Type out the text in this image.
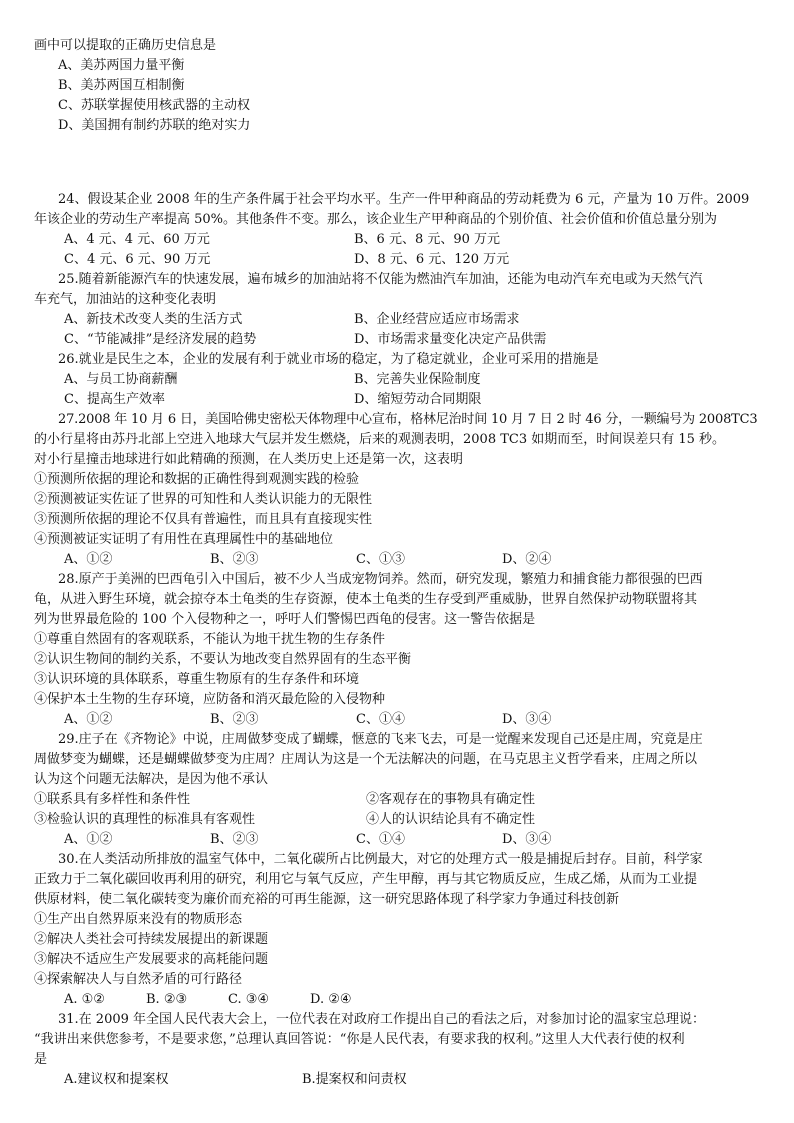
画中可以提取的正确历史信息是
A、美苏两国力量平衡
B、美苏两国互相制衡
C、苏联掌握使用核武器的主动权
D、美国拥有制约苏联的绝对实力
24、假设某企业 2008 年的生产条件属于社会平均水平。生产一件甲种商品的劳动耗费为 6 元，产量为 10 万件。2009
年该企业的劳动生产率提高 50%。其他条件不变。那么，该企业生产甲种商品的个别价值、社会价值和价值总量分别为
A、4 元、4 元、60 万元	B、6 元、8 元、90 万元
C、4 元、6 元、90 万元	D、8 元、6 元、120 万元
25.随着新能源汽车的快速发展，遍布城乡的加油站将不仅能为燃油汽车加油，还能为电动汽车充电或为天然气汽
车充气，加油站的这种变化表明
A、新技术改变人类的生活方式	B、企业经营应适应市场需求
C、“节能减排”是经济发展的趋势	D、市场需求量变化决定产品供需
26.就业是民生之本，企业的发展有利于就业市场的稳定，为了稳定就业，企业可采用的措施是
A、与员工协商薪酬	B、完善失业保险制度
C、提高生产效率	D、缩短劳动合同期限
27.2008 年 10 月 6 日，美国哈佛史密松天体物理中心宣布，格林尼治时间 10 月 7 日 2 时 46 分，一颗编号为 2008TC3
的小行星将由苏丹北部上空进入地球大气层并发生燃烧，后来的观测表明，2008 TC3 如期而至，时间误差只有 15 秒。
对小行星撞击地球进行如此精确的预测，在人类历史上还是第一次，这表明
①预测所依据的理论和数据的正确性得到观测实践的检验
②预测被证实佐证了世界的可知性和人类认识能力的无限性
③预测所依据的理论不仅具有普遍性，而且具有直接现实性
④预测被证实证明了有用性在真理属性中的基础地位
A、①②	B、②③	C、①③	D、②④
28.原产于美洲的巴西龟引入中国后，被不少人当成宠物饲养。然而，研究发现，繁殖力和捕食能力都很强的巴西
龟，从进入野生环境，就会掠夺本土龟类的生存资源，使本土龟类的生存受到严重威胁，世界自然保护动物联盟将其
列为世界最危险的 100 个入侵物种之一，呼吁人们警惕巴西龟的侵害。这一警告依据是
①尊重自然固有的客观联系，不能认为地干扰生物的生存条件
②认识生物间的制约关系，不要认为地改变自然界固有的生态平衡
③认识环境的具体联系，尊重生物原有的生存条件和环境
④保护本土生物的生存环境，应防备和消灭最危险的入侵物种
A、①②	B、②③	C、①④	D、③④
29.庄子在《齐物论》中说，庄周做梦变成了蝴蝶，惬意的飞来飞去，可是一觉醒来发现自己还是庄周，究竟是庄
周做梦变为蝴蝶，还是蝴蝶做梦变为庄周？庄周认为这是一个无法解决的问题，在马克思主义哲学看来，庄周之所以
认为这个问题无法解决，是因为他不承认
①联系具有多样性和条件性	②客观存在的事物具有确定性
③检验认识的真理性的标准具有客观性	④人的认识结论具有不确定性
A、①②	B、②③	C、①④	D、③④
30.在人类活动所排放的温室气体中，二氧化碳所占比例最大，对它的处理方式一般是捕捉后封存。目前，科学家
正致力于二氧化碳回收再利用的研究，利用它与氧气反应，产生甲醇，再与其它物质反应，生成乙烯，从而为工业提
供原材料，使二氧化碳转变为廉价而充裕的可再生能源，这一研究思路体现了科学家力争通过科技创新
①生产出自然界原来没有的物质形态
②解决人类社会可持续发展提出的新课题
③解决不适应生产发展要求的高耗能问题
④探索解决人与自然矛盾的可行路径
A. ①②	B. ②③	C. ③④	D. ②④
31.在 2009 年全国人民代表大会上，一位代表在对政府工作提出自己的看法之后，对参加讨论的温家宝总理说：
“我讲出来供您参考，不是要求您，”总理认真回答说：“你是人民代表，有要求我的权利。”这里人大代表行使的权利
是
A.建议权和提案权	B.提案权和问责权
